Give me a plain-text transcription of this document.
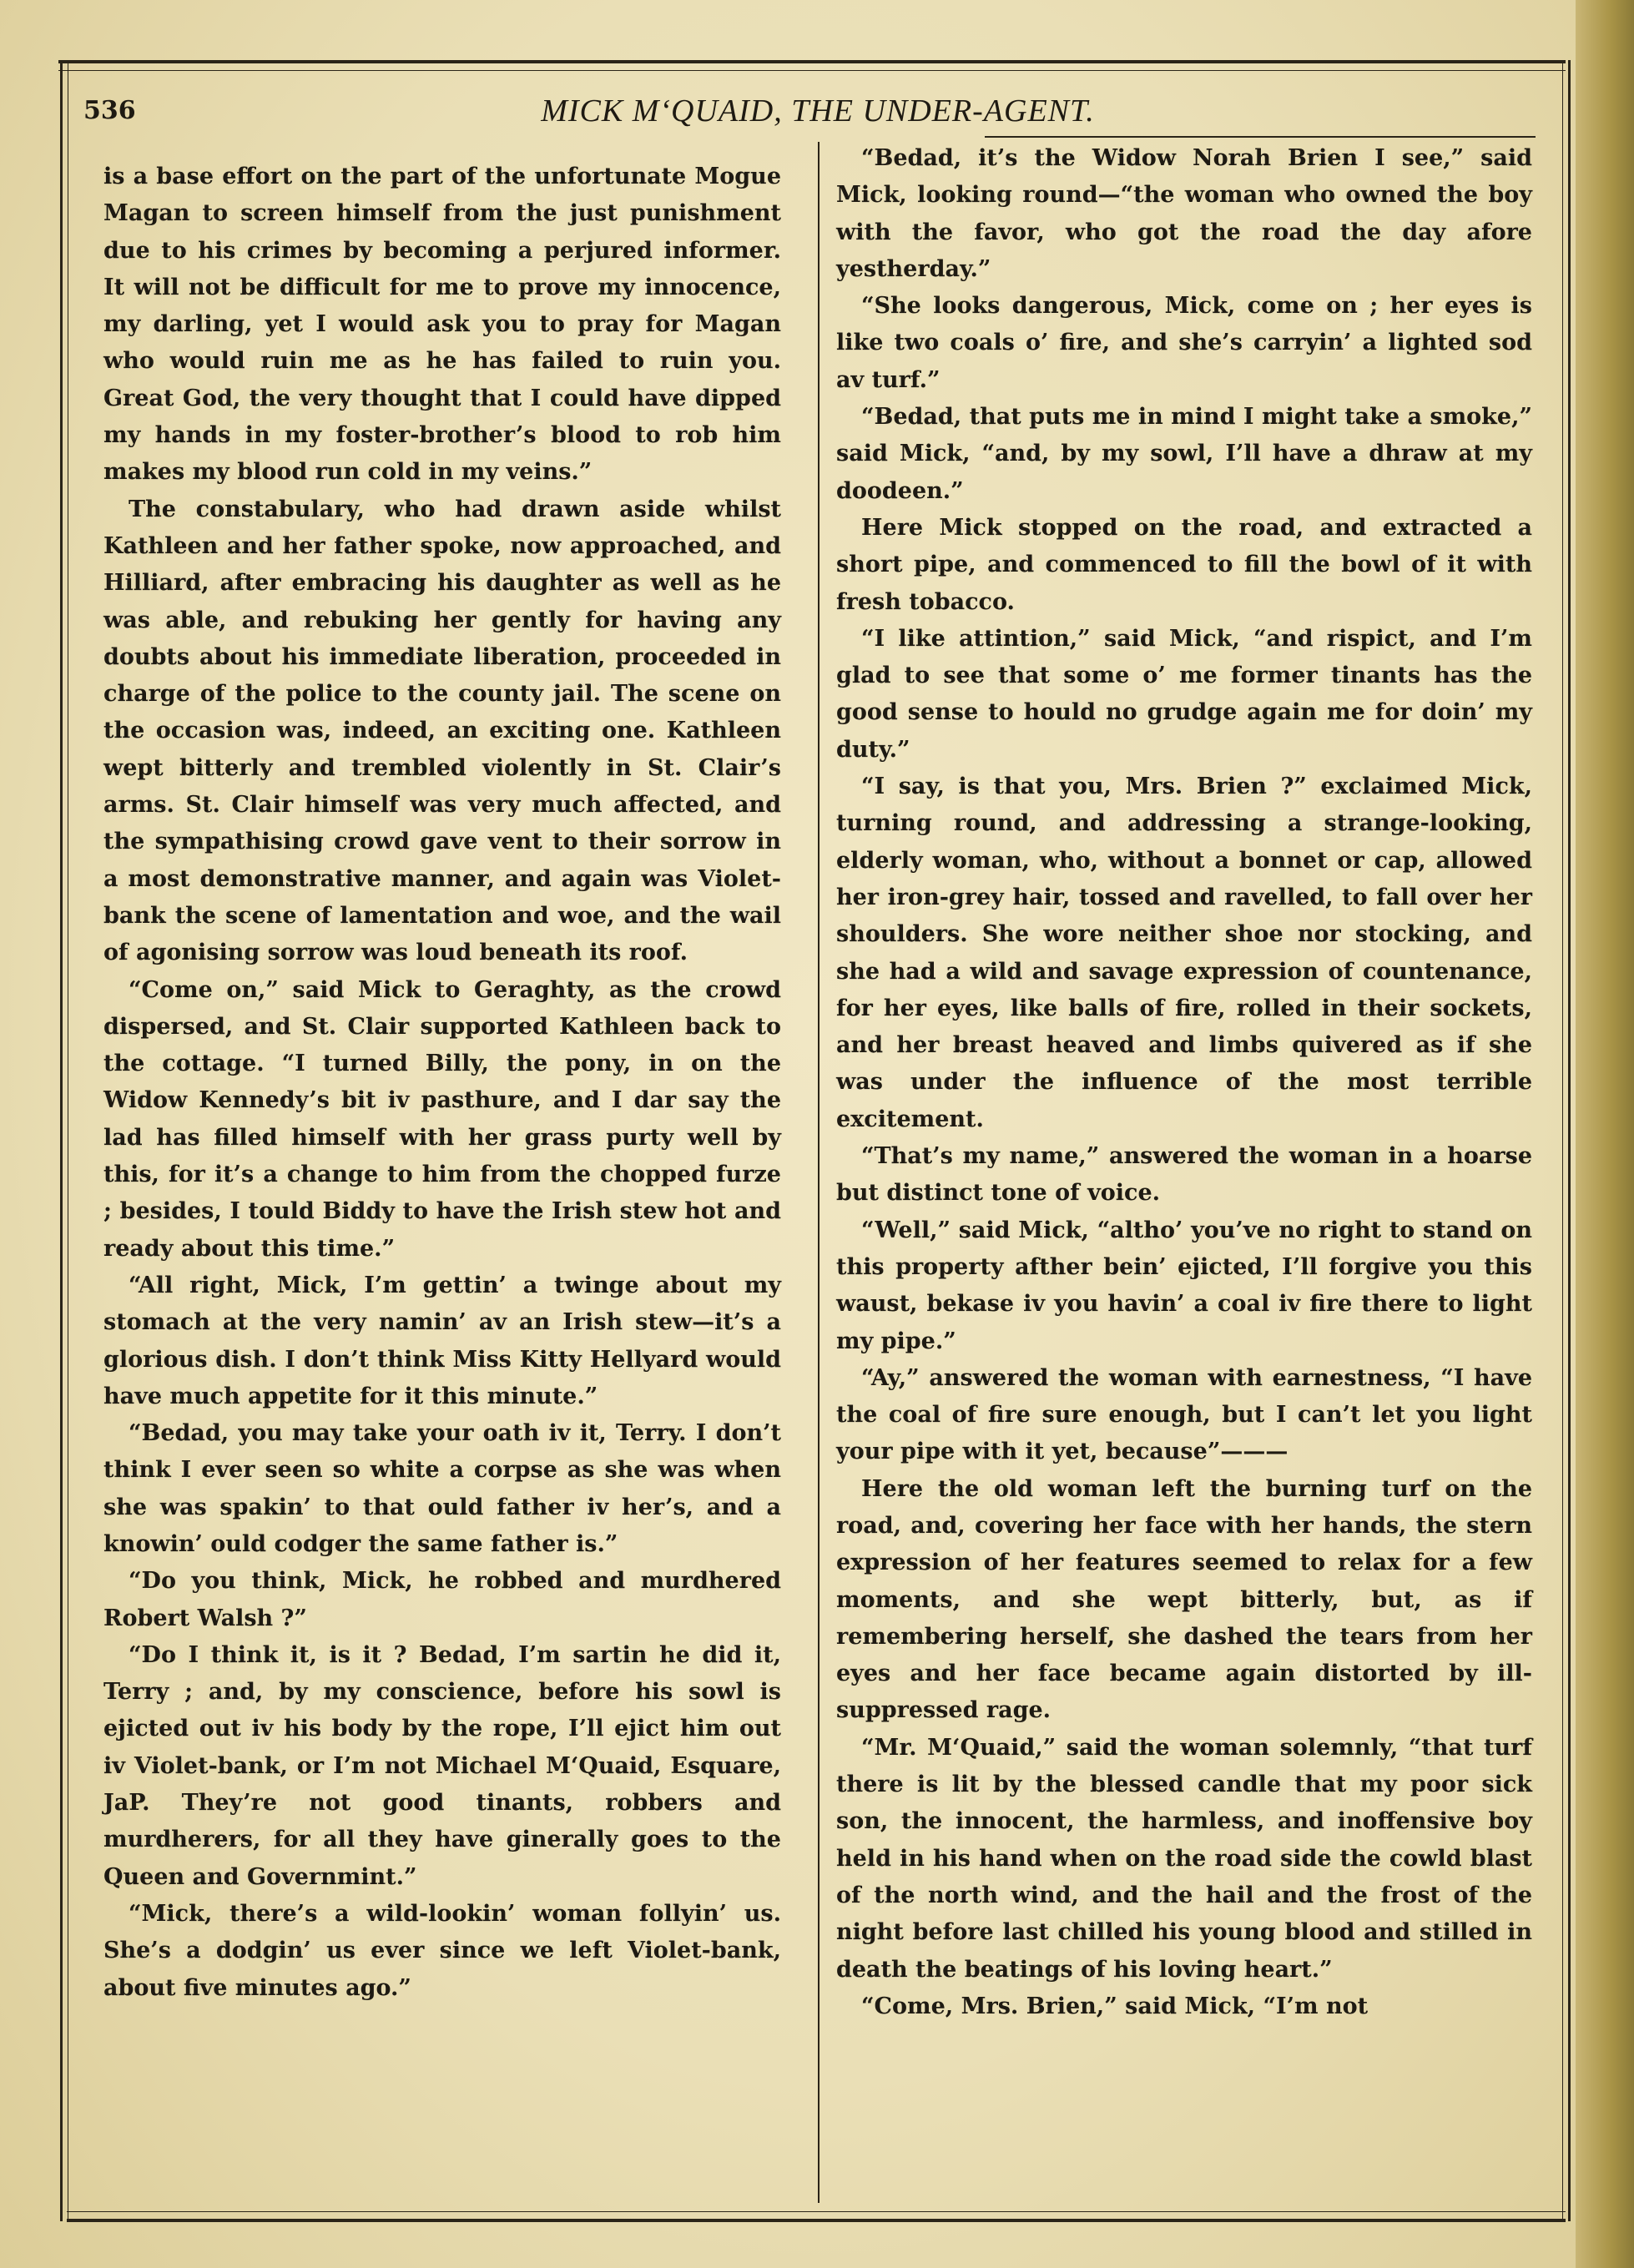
536	MICK M‘QUAID, THE UNDER-AGENT.

is a base effort on the part of the unfortunate Mogue Magan to screen himself from the just punishment due to his crimes by becoming a perjured informer. It will not be difficult for me to prove my innocence, my darling, yet I would ask you to pray for Magan who would ruin me as he has failed to ruin you. Great God, the very thought that I could have dipped my hands in my foster-brother’s blood to rob him makes my blood run cold in my veins.”

The constabulary, who had drawn aside whilst Kathleen and her father spoke, now approached, and Hilliard, after embracing his daughter as well as he was able, and rebuking her gently for having any doubts about his immediate liberation, proceeded in charge of the police to the county jail. The scene on the occasion was, indeed, an exciting one. Kathleen wept bitterly and trembled violently in St. Clair’s arms. St. Clair himself was very much affected, and the sympathising crowd gave vent to their sorrow in a most demonstrative manner, and again was Violet-bank the scene of lamentation and woe, and the wail of agonising sorrow was loud beneath its roof.

“Come on,” said Mick to Geraghty, as the crowd dispersed, and St. Clair supported Kathleen back to the cottage. “I turned Billy, the pony, in on the Widow Kennedy’s bit iv pasthure, and I dar say the lad has filled himself with her grass purty well by this, for it’s a change to him from the chopped furze ; besides, I tould Biddy to have the Irish stew hot and ready about this time.”

“All right, Mick, I’m gettin’ a twinge about my stomach at the very namin’ av an Irish stew—it’s a glorious dish. I don’t think Miss Kitty Hellyard would have much appetite for it this minute.”

“Bedad, you may take your oath iv it, Terry. I don’t think I ever seen so white a corpse as she was when she was spakin’ to that ould father iv her’s, and a knowin’ ould codger the same father is.”

“Do you think, Mick, he robbed and murdhered Robert Walsh ?”

“Do I think it, is it ? Bedad, I’m sartin he did it, Terry ; and, by my conscience, before his sowl is ejicted out iv his body by the rope, I’ll ejict him out iv Violet-bank, or I’m not Michael M‘Quaid, Esquare, JaP. They’re not good tinants, robbers and murdherers, for all they have ginerally goes to the Queen and Governmint.”

“Mick, there’s a wild-lookin’ woman follyin’ us. She’s a dodgin’ us ever since we left Violet-bank, about five minutes ago.”

“Bedad, it’s the Widow Norah Brien I see,” said Mick, looking round—“the woman who owned the boy with the favor, who got the road the day afore yestherday.”

“She looks dangerous, Mick, come on ; her eyes is like two coals o’ fire, and she’s carryin’ a lighted sod av turf.”

“Bedad, that puts me in mind I might take a smoke,” said Mick, “and, by my sowl, I’ll have a dhraw at my doodeen.”

Here Mick stopped on the road, and extracted a short pipe, and commenced to fill the bowl of it with fresh tobacco.

“I like attintion,” said Mick, “and rispict, and I’m glad to see that some o’ me former tinants has the good sense to hould no grudge again me for doin’ my duty.”

“I say, is that you, Mrs. Brien ?” exclaimed Mick, turning round, and addressing a strange-looking, elderly woman, who, without a bonnet or cap, allowed her iron-grey hair, tossed and ravelled, to fall over her shoulders. She wore neither shoe nor stocking, and she had a wild and savage expression of countenance, for her eyes, like balls of fire, rolled in their sockets, and her breast heaved and limbs quivered as if she was under the influence of the most terrible excitement.

“That’s my name,” answered the woman in a hoarse but distinct tone of voice.

“Well,” said Mick, “altho’ you’ve no right to stand on this property afther bein’ ejicted, I’ll forgive you this waust, bekase iv you havin’ a coal iv fire there to light my pipe.”

“Ay,” answered the woman with earnestness, “I have the coal of fire sure enough, but I can’t let you light your pipe with it yet, because”———

Here the old woman left the burning turf on the road, and, covering her face with her hands, the stern expression of her features seemed to relax for a few moments, and she wept bitterly, but, as if remembering herself, she dashed the tears from her eyes and her face became again distorted by ill-suppressed rage.

“Mr. M‘Quaid,” said the woman solemnly, “that turf there is lit by the blessed candle that my poor sick son, the innocent, the harmless, and inoffensive boy held in his hand when on the road side the cowld blast of the north wind, and the hail and the frost of the night before last chilled his young blood and stilled in death the beatings of his loving heart.”

“Come, Mrs. Brien,” said Mick, “I’m not
